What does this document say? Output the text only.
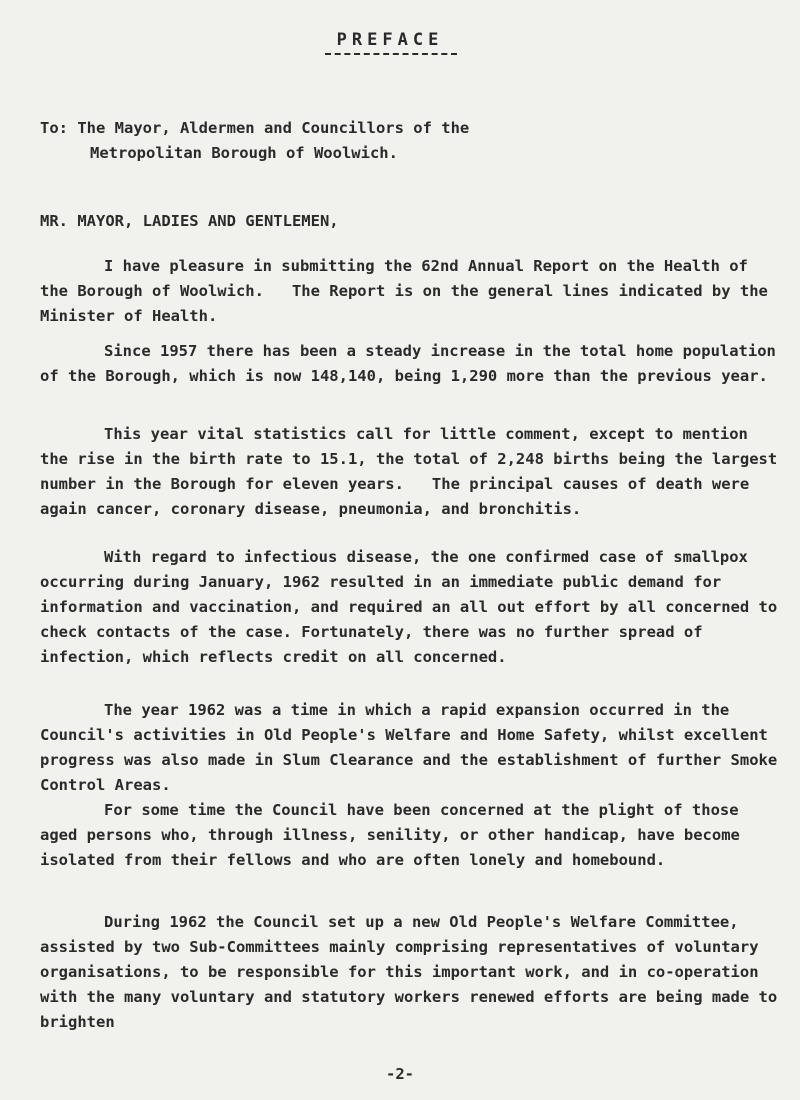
PREFACE

To: The Mayor, Aldermen and Councillors of the
Metropolitan Borough of Woolwich.

MR. MAYOR, LADIES AND GENTLEMEN,

I have pleasure in submitting the 62nd Annual Report on the Health of the Borough of Woolwich.   The Report is on the general lines indicated by the Minister of Health.

Since 1957 there has been a steady increase in the total home population of the Borough, which is now 148,140, being 1,290 more than the previous year.

This year vital statistics call for little comment, except to mention the rise in the birth rate to 15.1, the total of 2,248 births being the largest number in the Borough for eleven years.   The principal causes of death were again cancer, coronary disease, pneumonia, and bronchitis.

With regard to infectious disease, the one confirmed case of smallpox occurring during January, 1962 resulted in an immediate public demand for information and vaccination, and required an all out effort by all concerned to check contacts of the case. Fortunately, there was no further spread of infection, which reflects credit on all concerned.

The year 1962 was a time in which a rapid expansion occurred in the Council's activities in Old People's Welfare and Home Safety, whilst excellent progress was also made in Slum Clearance and the establishment of further Smoke Control Areas.

For some time the Council have been concerned at the plight of those aged persons who, through illness, senility, or other handicap, have become isolated from their fellows and who are often lonely and homebound.

During 1962 the Council set up a new Old People's Welfare Committee, assisted by two Sub-Committees mainly comprising representatives of voluntary organisations, to be responsible for this important work, and in co-operation with the many voluntary and statutory workers renewed efforts are being made to brighten

-2-
